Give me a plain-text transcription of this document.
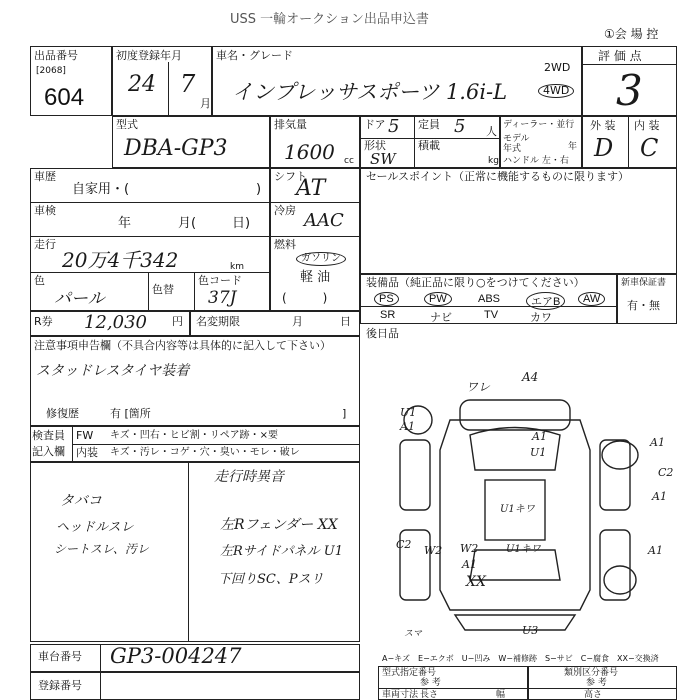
USS 一輪オークション出品申込書
①会 場 控
出品番号
[2068]
604
初度登録年月
24 7
月
車名・グレード
インプレッサスポーツ 1.6i-L
2WD
4WD
評 価 点
3
型式
DBA-GP3
排気量
1600 cc
ドア 5 定員 5 人
形状
SW
積載
kg
ディーラー・並行
モデル年式	年
ハンドル 左・右
外 装 内 装
D C
車歴
自家用・(	)
車検
年	月(	日)
走行
20万4千342	km
色
パール	色替
色コード
37J
シフト
AT
冷房 AAC
燃料
ガソリン
軽 油
(　　　)
R券 12,030 円 名変期限	月	日
セールスポイント（正常に機能するものに限ります）
装備品（純正品に限り○をつけてください）
PS	PW	ABS	エアB	AW
SR	ナビ	TV	カワ
新車保証書
有・無
後日品
注意事項申告欄（不具合内容等は具体的に記入して下さい）
スタッドレスタイヤ装着
修復歴	有 [箇所	]
検査員
記入欄
FW キズ・凹右・ヒビ割・リペア跡・×要
内装 キズ・汚レ・コゲ・穴・臭い・モレ・破レ
走行時異音
左Rフェンダー XX
左Rサイドパネル U1
下回りSC、Pスリ
タバコ
ヘッドルスレ
シートスレ、汚レ
ワレ
A4
A1
A1
U1
A1
A1
C2
A1
U1キワ
U1キワ
C2 W2 W2
A1
XX
U3
U1
スマ
車台番号 GP3-004247
登録番号
A−キズ　E−エクボ　U−凹み　W−補修跡　S−サビ　C−腐食　XX−交換済
型式指定番号
参 考
類別区分番号
参 考
車両寸法 長さ	幅	高さ
